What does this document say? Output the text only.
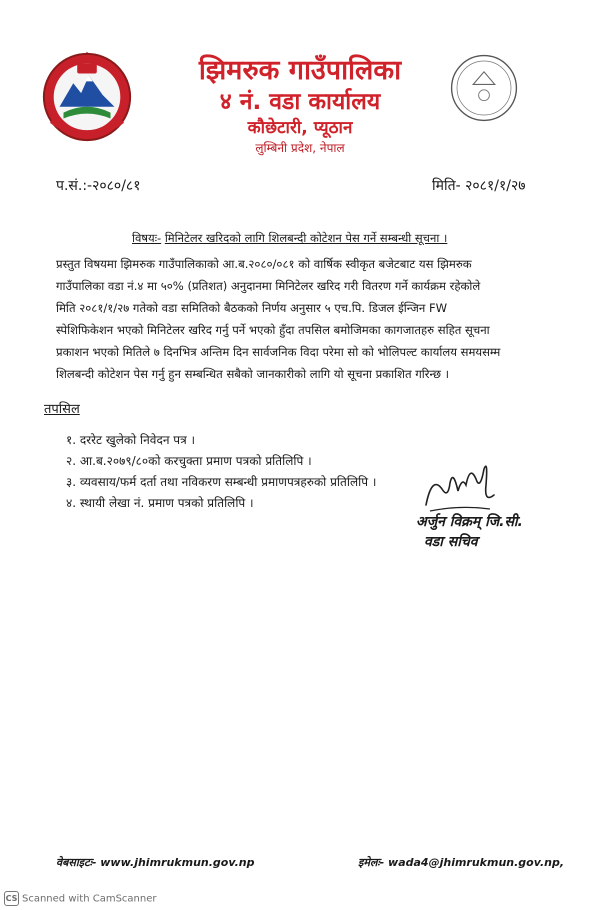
झिमरुक गाउँपालिका
४ नं. वडा कार्यालय
कौछेटारी, प्यूठान
लुम्बिनी प्रदेश, नेपाल
प.सं.:-२०८०/८१	मिति- २०८१/१/२७
विषयः- मिनिटेलर खरिदको लागि शिलबन्दी कोटेशन पेस गर्ने सम्बन्धी सूचना ।
प्रस्तुत विषयमा झिमरुक गाउँपालिकाको आ.ब.२०८०/०८१ को वार्षिक स्वीकृत बजेटबाट यस झिमरुक
गाउँपालिका वडा नं.४ मा ५०% (प्रतिशत) अनुदानमा मिनिटेलर खरिद गरी वितरण गर्ने कार्यक्रम रहेकोले
मिति २०८१/१/२७ गतेको वडा समितिको बैठकको निर्णय अनुसार ५ एच.पि. डिजल ईन्जिन FW
स्पेशिफिकेशन भएको मिनिटेलर खरिद गर्नु पर्ने भएको हुँदा तपसिल बमोजिमका कागजातहरु सहित सूचना
प्रकाशन भएको मितिले ७ दिनभित्र अन्तिम दिन सार्वजनिक विदा परेमा सो को भोलिपल्ट कार्यालय समयसम्म
शिलबन्दी कोटेशन पेस गर्नु हुन सम्बन्धित सबैको जानकारीको लागि यो सूचना प्रकाशित गरिन्छ ।
तपसिल
१. दररेट खुलेको निवेदन पत्र ।
२. आ.ब.२०७९/८०को करचुक्ता प्रमाण पत्रको प्रतिलिपि ।
३. व्यवसाय/फर्म दर्ता तथा नविकरण सम्बन्धी प्रमाणपत्रहरुको प्रतिलिपि ।
४. स्थायी लेखा नं. प्रमाण पत्रको प्रतिलिपि ।
अर्जुन विक्रम् जि.सी.
वडा सचिव
वेबसाइटः- www.jhimrukmun.gov.np	इमेलः- wada4@jhimrukmun.gov.np,
CS Scanned with CamScanner
